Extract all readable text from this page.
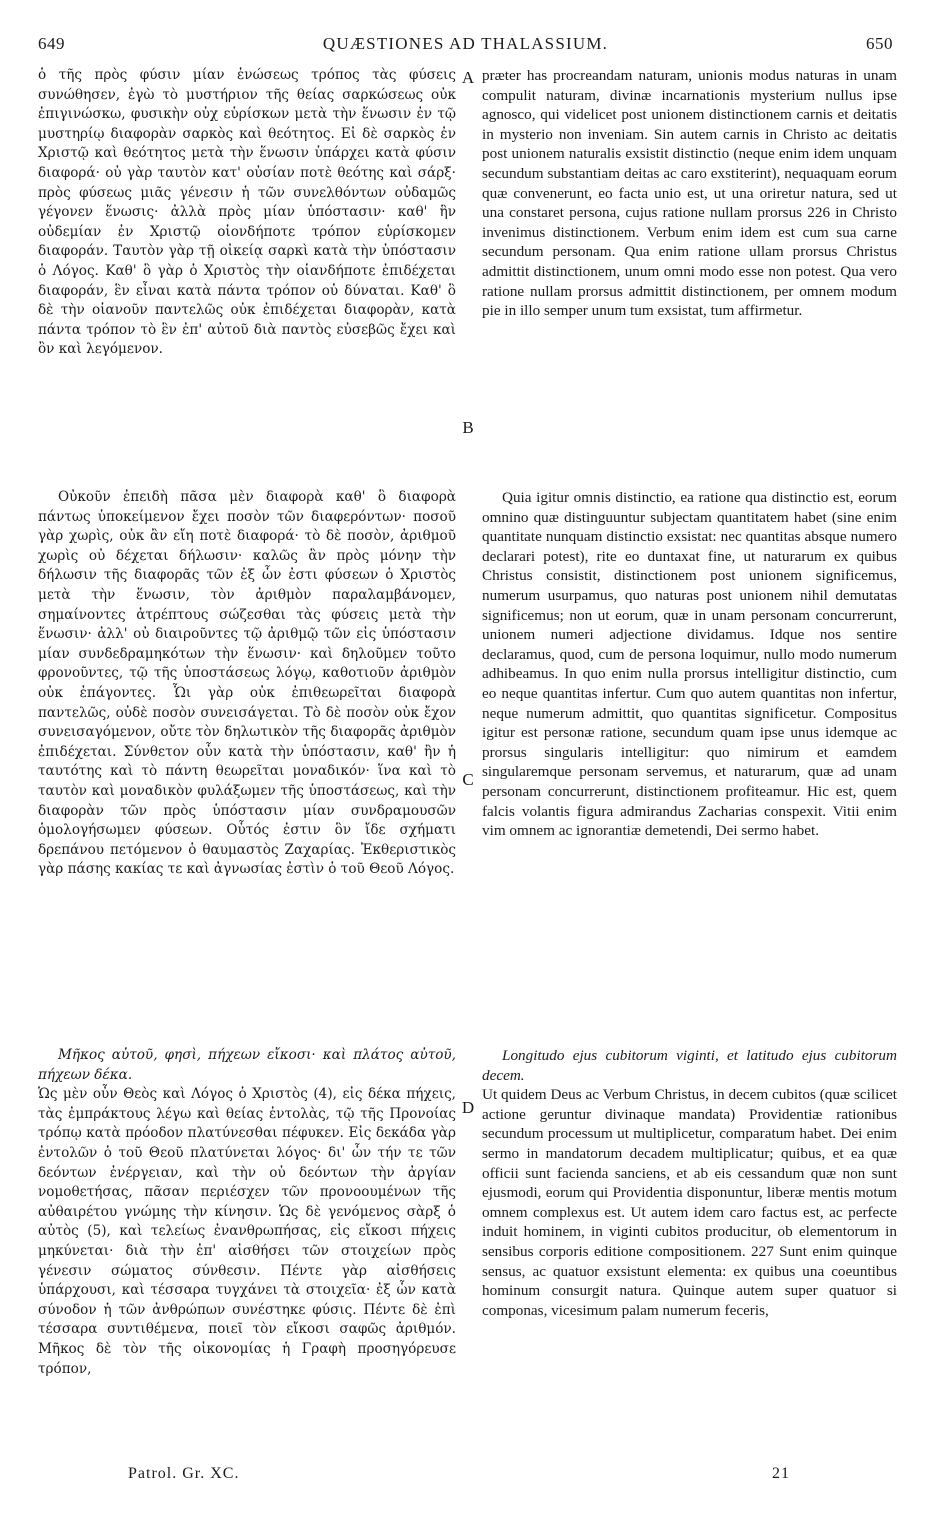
649	QUÆSTIONES AD THALASSIUM.	650

ὁ τῆς πρὸς φύσιν μίαν ἑνώσεως τρόπος τὰς φύσεις συνώθησεν, ἐγὼ τὸ μυστήριον τῆς θείας σαρκώσεως οὐκ ἐπιγινώσκω, φυσικὴν οὐχ εὑρίσκων μετὰ τὴν ἕνωσιν ἐν τῷ μυστηρίῳ διαφορὰν σαρκὸς καὶ θεότητος. Εἰ δὲ σαρκὸς ἐν Χριστῷ καὶ θεότητος μετὰ τὴν ἕνωσιν ὑπάρχει κατὰ φύσιν διαφορά· οὐ γὰρ ταυτὸν κατ' οὐσίαν ποτὲ θεότης καὶ σάρξ· πρὸς φύσεως μιᾶς γένεσιν ἡ τῶν συνελθόντων οὐδαμῶς γέγονεν ἕνωσις· ἀλλὰ πρὸς μίαν ὑπόστασιν· καθ' ἣν οὐδεμίαν ἐν Χριστῷ οἱονδήποτε τρόπον εὑρίσκομεν διαφοράν. Ταυτὸν γὰρ τῇ οἰκείᾳ σαρκὶ κατὰ τὴν ὑπόστασιν ὁ Λόγος. Καθ' ὃ γὰρ ὁ Χριστὸς τὴν οἱανδήποτε ἐπιδέχεται διαφοράν, ἓν εἶναι κατὰ πάντα τρόπον οὐ δύναται. Καθ' ὃ δὲ τὴν οἱανοῦν παντελῶς οὐκ ἐπιδέχεται διαφορὰν, κατὰ πάντα τρόπον τὸ ἓν ἐπ' αὐτοῦ διὰ παντὸς εὐσεβῶς ἔχει καὶ ὂν καὶ λεγόμενον.

Οὐκοῦν ἐπειδὴ πᾶσα μὲν διαφορὰ καθ' ὃ διαφορὰ πάντως ὑποκείμενον ἔχει ποσὸν τῶν διαφερόντων· ποσοῦ γὰρ χωρὶς, οὐκ ἂν εἴη ποτὲ διαφορά· τὸ δὲ ποσὸν, ἀριθμοῦ χωρὶς οὐ δέχεται δήλωσιν· καλῶς ἂν πρὸς μόνην τὴν δήλωσιν τῆς διαφορᾶς τῶν ἐξ ὧν ἐστι φύσεων ὁ Χριστὸς μετὰ τὴν ἕνωσιν, τὸν ἀριθμὸν παραλαμβάνομεν, σημαίνοντες ἀτρέπτους σώζεσθαι τὰς φύσεις μετὰ τὴν ἕνωσιν· ἀλλ' οὐ διαιροῦντες τῷ ἀριθμῷ τῶν εἰς ὑπόστασιν μίαν συνδεδραμηκότων τὴν ἕνωσιν· καὶ δηλοῦμεν τοῦτο φρονοῦντες, τῷ τῆς ὑποστάσεως λόγῳ, καθοτιοῦν ἀριθμὸν οὐκ ἐπάγοντες. Ὧι γὰρ οὐκ ἐπιθεωρεῖται διαφορὰ παντελῶς, οὐδὲ ποσὸν συνεισάγεται. Τὸ δὲ ποσὸν οὐκ ἔχον συνεισαγόμενον, οὔτε τὸν δηλωτικὸν τῆς διαφορᾶς ἀριθμὸν ἐπιδέχεται. Σύνθετον οὖν κατὰ τὴν ὑπόστασιν, καθ' ἣν ἡ ταυτότης καὶ τὸ πάντη θεωρεῖται μοναδικόν· ἵνα καὶ τὸ ταυτὸν καὶ μοναδικὸν φυλάξωμεν τῆς ὑποστάσεως, καὶ τὴν διαφορὰν τῶν πρὸς ὑπόστασιν μίαν συνδραμουσῶν ὁμολογήσωμεν φύσεων. Οὗτός ἐστιν ὃν ἴδε σχήματι δρεπάνου πετόμενον ὁ θαυμαστὸς Ζαχαρίας. Ἐκθεριστικὸς γὰρ πάσης κακίας τε καὶ ἀγνωσίας ἐστὶν ὁ τοῦ Θεοῦ Λόγος.

Μῆκος αὐτοῦ, φησὶ, πήχεων εἴκοσι· καὶ πλάτος αὐτοῦ, πήχεων δέκα.

Ὡς μὲν οὖν Θεὸς καὶ Λόγος ὁ Χριστὸς (4), εἰς δέκα πήχεις, τὰς ἐμπράκτους λέγω καὶ θείας ἐντολὰς, τῷ τῆς Προνοίας τρόπῳ κατὰ πρόοδον πλατύνεσθαι πέφυκεν. Εἰς δεκάδα γὰρ ἐντολῶν ὁ τοῦ Θεοῦ πλατύνεται λόγος· δι' ὧν τήν τε τῶν δεόντων ἐνέργειαν, καὶ τὴν οὐ δεόντων τὴν ἀργίαν νομοθετήσας, πᾶσαν περιέσχεν τῶν προνοουμένων τῆς αὐθαιρέτου γνώμης τὴν κίνησιν. Ὡς δὲ γενόμενος σὰρξ ὁ αὐτὸς (5), καὶ τελείως ἐνανθρωπήσας, εἰς εἴκοσι πήχεις μηκύνεται· διὰ τὴν ἐπ' αἰσθήσει τῶν στοιχείων πρὸς γένεσιν σώματος σύνθεσιν. Πέντε γὰρ αἰσθήσεις ὑπάρχουσι, καὶ τέσσαρα τυγχάνει τὰ στοιχεῖα· ἐξ ὧν κατὰ σύνοδον ἡ τῶν ἀνθρώπων συνέστηκε φύσις. Πέντε δὲ ἐπὶ τέσσαρα συντιθέμενα, ποιεῖ τὸν εἴκοσι σαφῶς ἀριθμόν. Μῆκος δὲ τὸν τῆς οἰκονομίας ἡ Γραφὴ προσηγόρευσε τρόπον,

præter has procreandam naturam, unionis modus naturas in unam compulit naturam, divinæ incarnationis mysterium nullus ipse agnosco, qui videlicet post unionem distinctionem carnis et deitatis in mysterio non inveniam. Sin autem carnis in Christo ac deitatis post unionem naturalis exsistit distinctio (neque enim idem unquam secundum substantiam deitas ac caro exstiterint), nequaquam eorum quæ convenerunt, eo facta unio est, ut una oriretur natura, sed ut una constaret persona, cujus ratione nullam prorsus 226 in Christo invenimus distinctionem. Verbum enim idem est cum sua carne secundum personam. Qua enim ratione ullam prorsus Christus admittit distinctionem, unum omni modo esse non potest. Qua vero ratione nullam prorsus admittit distinctionem, per omnem modum pie in illo semper unum tum exsistat, tum affirmetur.

Quia igitur omnis distinctio, ea ratione qua distinctio est, eorum omnino quæ distinguuntur subjectam quantitatem habet (sine enim quantitate nunquam distinctio exsistat: nec quantitas absque numero declarari potest), rite eo duntaxat fine, ut naturarum ex quibus Christus consistit, distinctionem post unionem significemus, numerum usurpamus, quo naturas post unionem nihil demutatas significemus; non ut eorum, quæ in unam personam concurrerunt, unionem numeri adjectione dividamus. Idque nos sentire declaramus, quod, cum de persona loquimur, nullo modo numerum adhibeamus. In quo enim nulla prorsus intelligitur distinctio, cum eo neque quantitas infertur. Cum quo autem quantitas non infertur, neque numerum admittit, quo quantitas significetur. Compositus igitur est personæ ratione, secundum quam ipse unus idemque ac prorsus singularis intelligitur: quo nimirum et eamdem singularemque personam servemus, et naturarum, quæ ad unam personam concurrerunt, distinctionem profiteamur. Hic est, quem falcis volantis figura admirandus Zacharias conspexit. Vitii enim vim omnem ac ignorantiæ demetendi, Dei sermo habet.

Longitudo ejus cubitorum viginti, et latitudo ejus cubitorum decem.

Ut quidem Deus ac Verbum Christus, in decem cubitos (quæ scilicet actione geruntur divinaque mandata) Providentiæ rationibus secundum processum ut multiplicetur, comparatum habet. Dei enim sermo in mandatorum decadem multiplicatur; quibus, et ea quæ officii sunt facienda sanciens, et ab eis cessandum quæ non sunt ejusmodi, eorum qui Providentia disponuntur, liberæ mentis motum omnem complexus est. Ut autem idem caro factus est, ac perfecte induit hominem, in viginti cubitos producitur, ob elementorum in sensibus corporis editione compositionem. 227 Sunt enim quinque sensus, ac quatuor exsistunt elementa: ex quibus una coeuntibus hominum consurgit natura. Quinque autem super quatuor si componas, vicesimum palam numerum feceris,

A
B
C
D
Patrol. Gr. XC.	21
